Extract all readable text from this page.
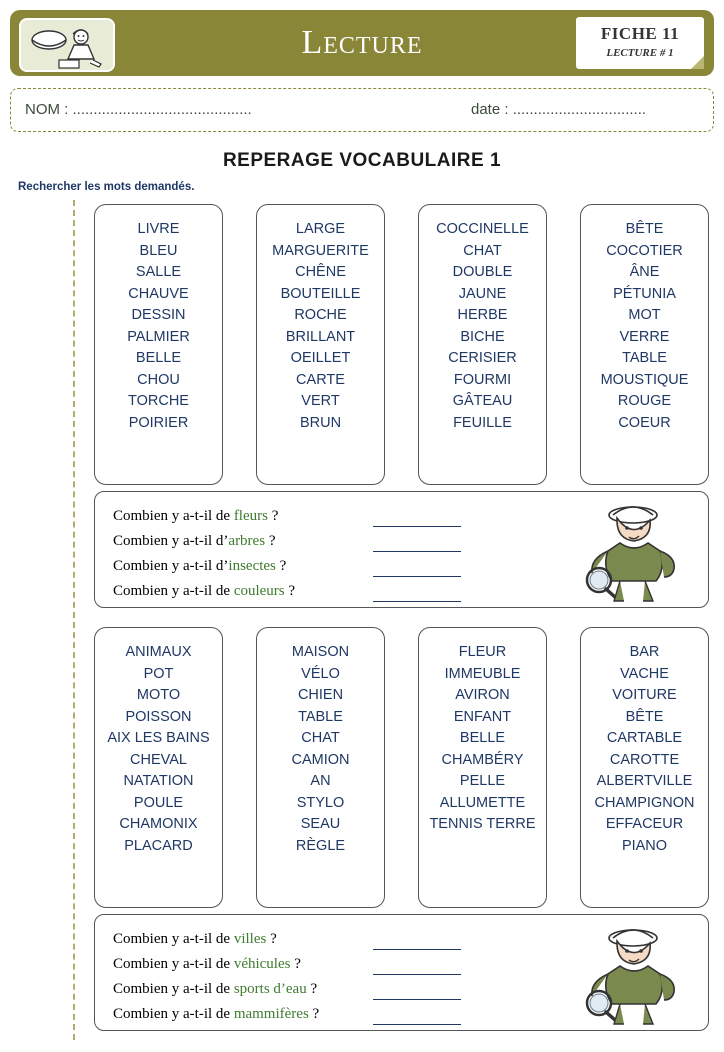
Lecture	FICHE 11
LECTURE # 1
NOM : ...........................................	date : ................................
REPERAGE VOCABULAIRE 1
Rechercher les mots demandés.
LIVRE
BLEU
SALLE
CHAUVE
DESSIN
PALMIER
BELLE
CHOU
TORCHE
POIRIER
LARGE
MARGUERITE
CHÊNE
BOUTEILLE
ROCHE
BRILLANT
OEILLET
CARTE
VERT
BRUN
COCCINELLE
CHAT
DOUBLE
JAUNE
HERBE
BICHE
CERISIER
FOURMI
GÂTEAU
FEUILLE
BÊTE
COCOTIER
ÂNE
PÉTUNIA
MOT
VERRE
TABLE
MOUSTIQUE
ROUGE
COEUR
Combien y a-t-il de fleurs ?
Combien y a-t-il d’arbres ?
Combien y a-t-il d’insectes ?
Combien y a-t-il de couleurs ?
ANIMAUX
POT
MOTO
POISSON
AIX LES BAINS
CHEVAL
NATATION
POULE
CHAMONIX
PLACARD
MAISON
VÉLO
CHIEN
TABLE
CHAT
CAMION
AN
STYLO
SEAU
RÈGLE
FLEUR
IMMEUBLE
AVIRON
ENFANT
BELLE
CHAMBÉRY
PELLE
ALLUMETTE
TENNIS TERRE
BAR
VACHE
VOITURE
BÊTE
CARTABLE
CAROTTE
ALBERTVILLE
CHAMPIGNON
EFFACEUR
PIANO
Combien y a-t-il de villes ?
Combien y a-t-il de véhicules ?
Combien y a-t-il de sports d’eau ?
Combien y a-t-il de mammifères ?
